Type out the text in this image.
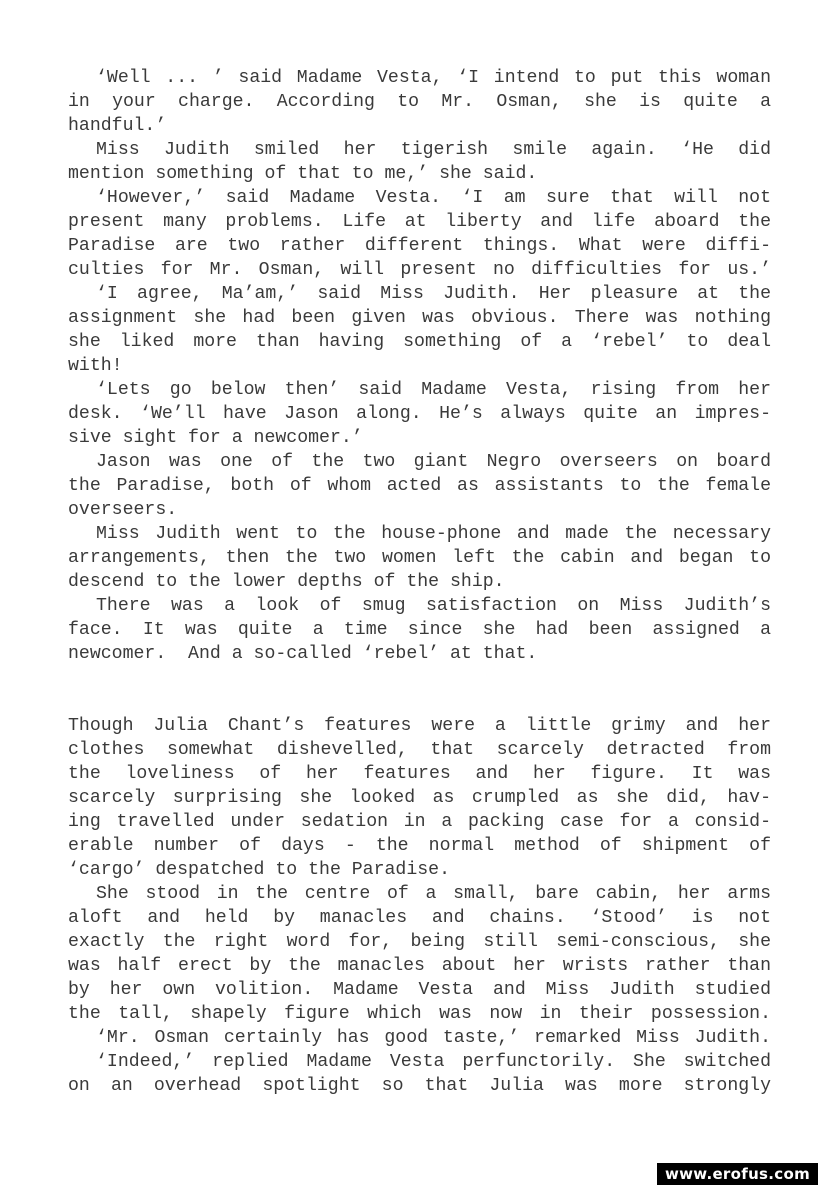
‘Well ... ’ said Madame Vesta, ‘I intend to put this woman
in your charge. According to Mr. Osman, she is quite a
handful.’
Miss Judith smiled her tigerish smile again. ‘He did
mention something of that to me,’ she said.
‘However,’ said Madame Vesta. ‘I am sure that will not
present many problems. Life at liberty and life aboard the
Paradise are two rather different things. What were diffi-
culties for Mr. Osman, will present no difficulties for us.’
‘I agree, Ma’am,’ said Miss Judith. Her pleasure at the
assignment she had been given was obvious. There was nothing
she liked more than having something of a ‘rebel’ to deal
with!
‘Lets go below then’ said Madame Vesta, rising from her
desk. ‘We’ll have Jason along. He’s always quite an impres-
sive sight for a newcomer.’
Jason was one of the two giant Negro overseers on board
the Paradise, both of whom acted as assistants to the female
overseers.
Miss Judith went to the house-phone and made the necessary
arrangements, then the two women left the cabin and began to
descend to the lower depths of the ship.
There was a look of smug satisfaction on Miss Judith’s
face. It was quite a time since she had been assigned a
newcomer.  And a so-called ‘rebel’ at that.
Though Julia Chant’s features were a little grimy and her
clothes somewhat dishevelled, that scarcely detracted from
the loveliness of her features and her figure. It was
scarcely surprising she looked as crumpled as she did, hav-
ing travelled under sedation in a packing case for a consid-
erable number of days - the normal method of shipment of
‘cargo’ despatched to the Paradise.
She stood in the centre of a small, bare cabin, her arms
aloft and held by manacles and chains. ‘Stood’ is not
exactly the right word for, being still semi-conscious, she
was half erect by the manacles about her wrists rather than
by her own volition. Madame Vesta and Miss Judith studied
the tall, shapely figure which was now in their possession.
‘Mr. Osman certainly has good taste,’ remarked Miss Judith.
‘Indeed,’ replied Madame Vesta perfunctorily. She switched
on an overhead spotlight so that Julia was more strongly
www.erofus.com
